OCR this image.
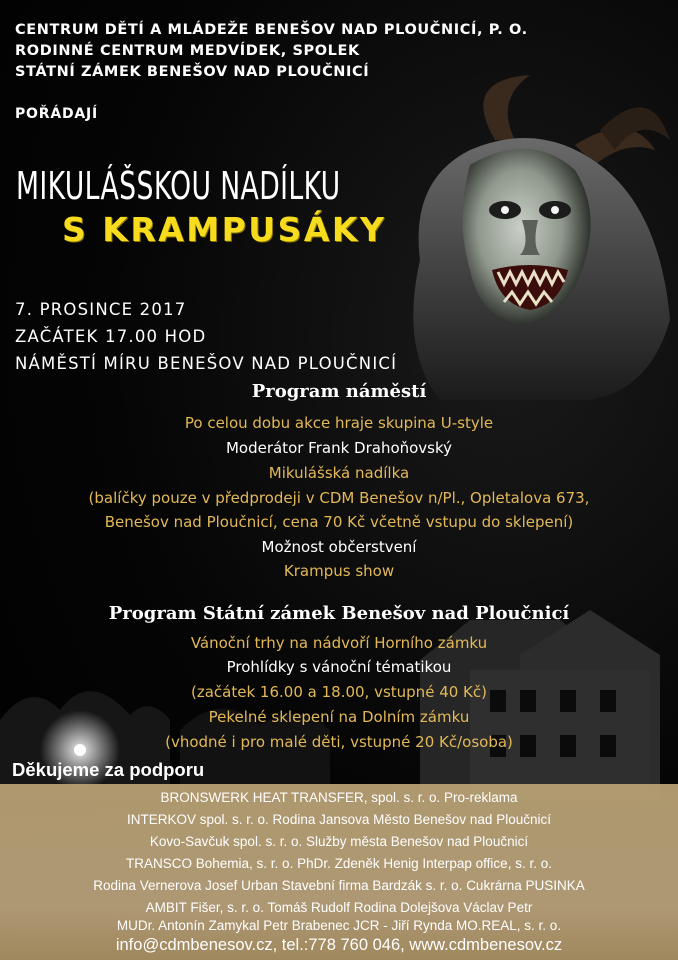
CENTRUM DĚTÍ A MLÁDEŽE BENEŠOV NAD PLOUČNICÍ, P. O.
RODINNÉ CENTRUM MEDVÍDEK, SPOLEK
STÁTNÍ ZÁMEK BENEŠOV NAD PLOUČNICÍ
POŘÁDAJÍ
MIKULÁŠSKOU NADÍLKU
S KRAMPUSÁKY
7. PROSINCE 2017
ZAČÁTEK 17.00 HOD
NÁMĚSTÍ MÍRU BENEŠOV NAD PLOUČNICÍ
Program náměstí
Po celou dobu akce hraje skupina U-style
Moderátor Frank Drahoňovský
Mikulášská nadílka
(balíčky pouze v předprodeji v CDM Benešov n/Pl., Opletalova 673,
Benešov nad Ploučnicí, cena 70 Kč včetně vstupu do sklepení)
Možnost občerstvení
Krampus show
Program Státní zámek Benešov nad Ploučnicí
Vánoční trhy na nádvoří Horního zámku
Prohlídky s vánoční tématikou
(začátek 16.00 a 18.00, vstupné 40 Kč)
Pekelné sklepení na Dolním zámku
(vhodné i pro malé děti, vstupné 20 Kč/osoba)
Děkujeme za podporu
BRONSWERK HEAT TRANSFER, spol. s. r. o. Pro-reklama
INTERKOV spol. s. r. o. Rodina Jansova Město Benešov nad Ploučnicí
Kovo-Savčuk spol. s. r. o. Služby města Benešov nad Ploučnicí
TRANSCO Bohemia, s. r. o. PhDr. Zdeněk Henig Interpap office, s. r. o.
Rodina Vernerova Josef Urban Stavební firma Bardzák s. r. o. Cukrárna PUSINKA
AMBIT Fišer, s. r. o. Tomáš Rudolf Rodina Dolejšova Václav Petr
MUDr. Antonín Zamykal Petr Brabenec JCR - Jiří Rynda MO.REAL, s. r. o.
info@cdmbenesov.cz, tel.:778 760 046, www.cdmbenesov.cz
